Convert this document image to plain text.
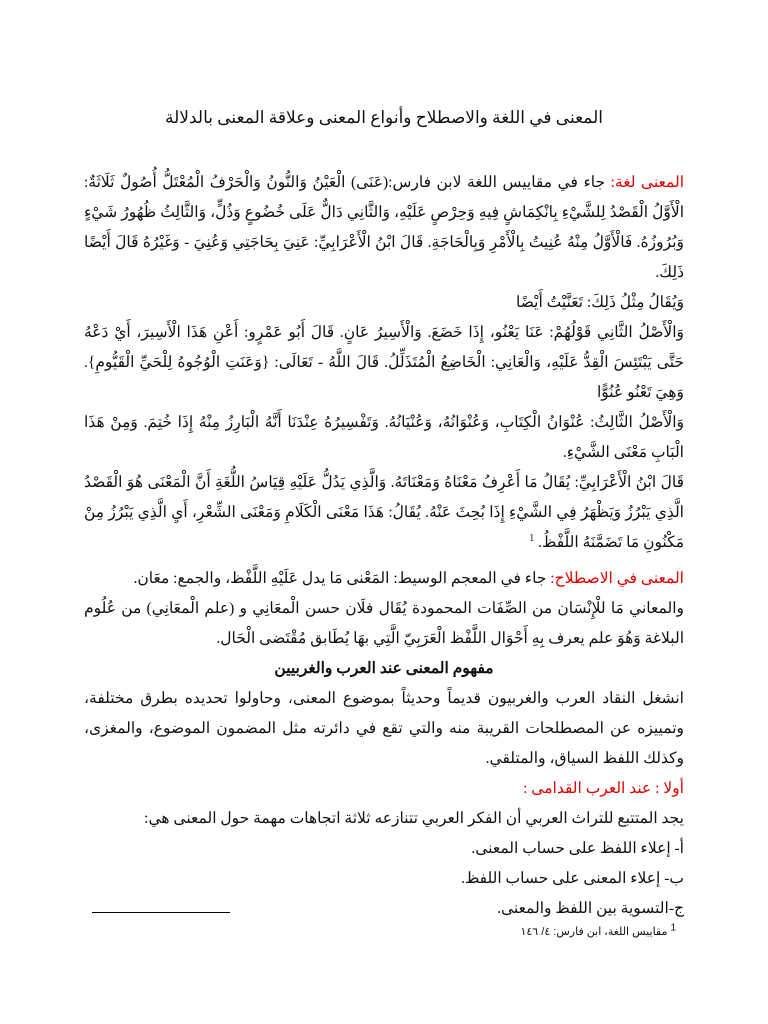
المعنى في اللغة والاصطلاح وأنواع المعنى وعلاقة المعنى بالدلالة

المعنى لغة: جاء في مقاييس اللغة لابن فارس:(عَنَى) الْعَيْنُ وَالنُّونُ وَالْحَرْفُ الْمُعْتَلُّ أُصُولٌ ثَلَاثَةٌ: الْأَوَّلُ الْقَصْدُ لِلشَّيْءِ بِانْكِمَاشٍ فِيهِ وَحِرْصٍ عَلَيْهِ، وَالثَّانِي دَالٌّ عَلَى خُضُوعٍ وَذُلٍّ، وَالثَّالِثُ ظُهُورُ شَيْءٍ وَبُرُوزُهُ. فَالْأَوَّلُ مِنْهُ عُنِيتُ بِالْأَمْرِ وَبِالْحَاجَةِ. قَالَ ابْنُ الْأَعْرَابِيِّ: عَنِيَ بِحَاجَتِي وَعُنِيَ - وَغَيْرُهُ قَالَ أَيْضًا ذَلِكَ.

وَيُقَالُ مِثْلُ ذَلِكَ: تَعَنَّيْتُ أَيْضًا

وَالْأَصْلُ الثَّانِي قَوْلُهُمْ: عَنَا يَعْنُو، إِذَا خَضَعَ. وَالْأَسِيرُ عَانٍ. قَالَ أَبُو عَمْرٍو: أَعْنِ هَذَا الْأَسِيرَ، أَيْ دَعْهُ حَتَّى يَبْتَئِسَ الْقِدُّ عَلَيْهِ، وَالْعَانِي: الْخَاضِعُ الْمُتَذَلِّلُ. قَالَ اللَّهُ - تَعَالَى: {وَعَنَتِ الْوُجُوهُ لِلْحَيِّ الْقَيُّومِ}. وَهِيَ تَعْنُو عُنُوًّا

وَالْأَصْلُ الثَّالِثُ: عُنْوَانُ الْكِتَابِ، وَعُنْوَانُهُ، وَعُنْيَانُهُ. وَتَفْسِيرُهُ عِنْدَنَا أَنَّهُ الْبَارِزُ مِنْهُ إِذَا خُتِمَ. وَمِنْ هَذَا الْبَابِ مَعْنَى الشَّيْءِ.

قَالَ ابْنُ الْأَعْرَابِيِّ: يُقَالُ مَا أَعْرِفُ مَعْنَاهُ وَمَعْنَاتَهُ. وَالَّذِي يَدُلُّ عَلَيْهِ قِيَاسُ اللُّغَةِ أَنَّ الْمَعْنَى هُوَ الْقَصْدُ الَّذِي يَبْرُزُ وَيَظْهَرُ فِي الشَّيْءِ إِذَا بُحِثَ عَنْهُ. يُقَالُ: هَذَا مَعْنَى الْكَلَامِ وَمَعْنَى الشِّعْرِ، أَيِ الَّذِي يَبْرُزُ مِنْ مَكْنُونِ مَا تَضَمَّنَهُ اللَّفْظُ. $^1$

المعنى في الاصطلاح: جاء في المعجم الوسيط: المَعْنى مَا يدل عَلَيْهِ اللَّفْظ، والجمع: معَان.

والمعاني مَا للْإِنْسَان من الصِّفَات المحمودة يُقَال فلَان حسن الْمعَانِي و (علم الْمعَانِي) من عُلُوم البلاغة وَهُوَ علم يعرف بِهِ أَحْوَال اللَّفْظ الْعَرَبِيّ الَّتِي بهَا يُطَابق مُقْتَضى الْحَال.

مفهوم المعنى عند العرب والغربيين

انشغل النقاد العرب والغربيون قديماً وحديثاً بموضوع المعنى، وحاولوا تحديده بطرق مختلفة، وتمييزه عن المصطلحات القريبة منه والتي تقع في دائرته مثل المضمون الموضوع، والمغزى، وكذلك اللفظ السياق، والمتلقي.

أولا : عند العرب القدامى :

يجد المتتبع للتراث العربي أن الفكر العربي تتنازعه ثلاثة اتجاهات مهمة حول المعنى هي:

أ- إعلاء اللفظ على حساب المعنى.

ب- إعلاء المعنى على حساب اللفظ.

ج-التسوية بين اللفظ والمعنى.

1 مقاييس اللغة، ابن فارس: ٤/ ١٤٦
